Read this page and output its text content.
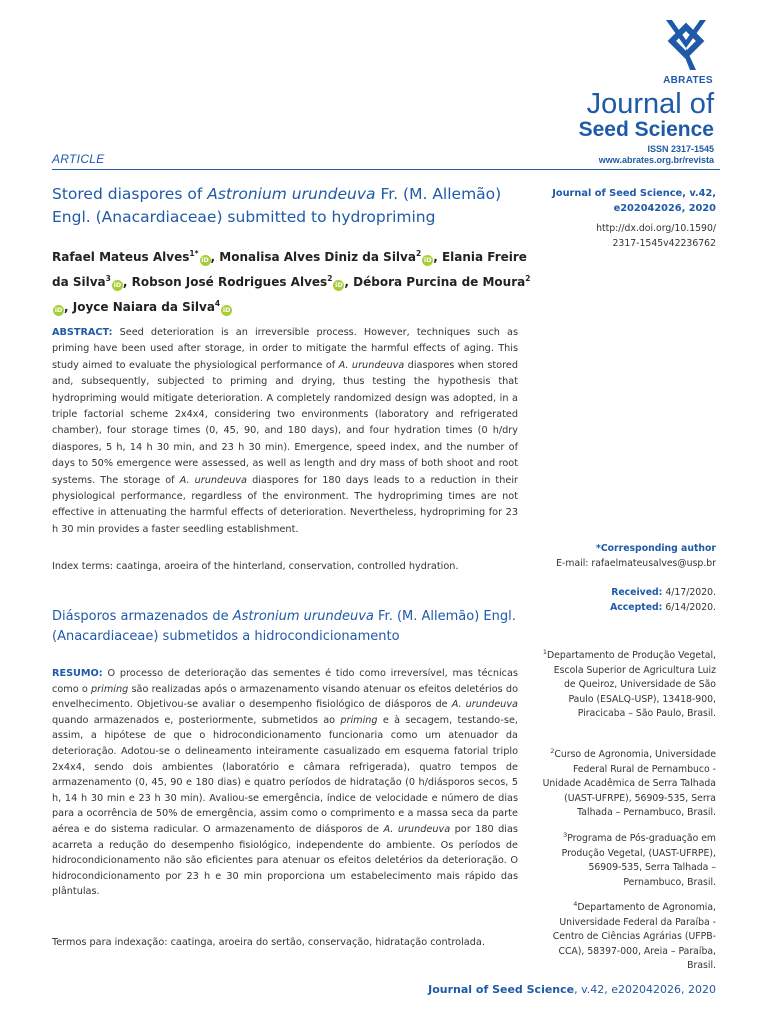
ABRATES
Journal of
Seed Science
ISSN 2317-1545
www.abrates.org.br/revista
ARTICLE
Stored diaspores of Astronium urundeuva Fr. (M. Allemão) Engl. (Anacardiaceae) submitted to hydropriming
Rafael Mateus Alves$^{1*}$iD , Monalisa Alves Diniz da Silva$^2$iD , Elania Freire da Silva$^3$iD , Robson José Rodrigues Alves$^2$iD , Débora Purcina de Moura$^2$iD , Joyce Naiara da Silva$^4$iD
ABSTRACT: Seed deterioration is an irreversible process. However, techniques such as priming have been used after storage, in order to mitigate the harmful effects of aging. This study aimed to evaluate the physiological performance of A. urundeuva diaspores when stored and, subsequently, subjected to priming and drying, thus testing the hypothesis that hydropriming would mitigate deterioration. A completely randomized design was adopted, in a triple factorial scheme 2x4x4, considering two environments (laboratory and refrigerated chamber), four storage times (0, 45, 90, and 180 days), and four hydration times (0 h/dry diaspores, 5 h, 14 h 30 min, and 23 h 30 min). Emergence, speed index, and the number of days to 50% emergence were assessed, as well as length and dry mass of both shoot and root systems. The storage of A. urundeuva diaspores for 180 days leads to a reduction in their physiological performance, regardless of the environment. The hydropriming times are not effective in attenuating the harmful effects of deterioration. Nevertheless, hydropriming for 23 h 30 min provides a faster seedling establishment.
Index terms: caatinga, aroeira of the hinterland, conservation, controlled hydration.
Diásporos armazenados de Astronium urundeuva Fr. (M. Allemão) Engl. (Anacardiaceae) submetidos a hidrocondicionamento
RESUMO: O processo de deterioração das sementes é tido como irreversível, mas técnicas como o priming são realizadas após o armazenamento visando atenuar os efeitos deletérios do envelhecimento. Objetivou-se avaliar o desempenho fisiológico de diásporos de A. urundeuva quando armazenados e, posteriormente, submetidos ao priming e à secagem, testando-se, assim, a hipótese de que o hidrocondicionamento funcionaria como um atenuador da deterioração. Adotou-se o delineamento inteiramente casualizado em esquema fatorial triplo 2x4x4, sendo dois ambientes (laboratório e câmara refrigerada), quatro tempos de armazenamento (0, 45, 90 e 180 dias) e quatro períodos de hidratação (0 h/diásporos secos, 5 h, 14 h 30 min e 23 h 30 min). Avaliou-se emergência, índice de velocidade e número de dias para a ocorrência de 50% de emergência, assim como o comprimento e a massa seca da parte aérea e do sistema radicular. O armazenamento de diásporos de A. urundeuva por 180 dias acarreta a redução do desempenho fisiológico, independente do ambiente. Os períodos de hidrocondicionamento não são eficientes para atenuar os efeitos deletérios da deterioração. O hidrocondicionamento por 23 h e 30 min proporciona um estabelecimento mais rápido das plântulas.
Termos para indexação: caatinga, aroeira do sertão, conservação, hidratação controlada.
Journal of Seed Science, v.42,
e202042026, 2020
http://dx.doi.org/10.1590/
2317-1545v42236762
*Corresponding author
E-mail: rafaelmateusalves@usp.br
Received: 4/17/2020.
Accepted: 6/14/2020.
$^1$Departamento de Produção Vegetal, Escola Superior de Agricultura Luiz de Queiroz, Universidade de São Paulo (ESALQ-USP), 13418-900, Piracicaba – São Paulo, Brasil.
$^2$Curso de Agronomia, Universidade Federal Rural de Pernambuco - Unidade Acadêmica de Serra Talhada (UAST-UFRPE), 56909-535, Serra Talhada – Pernambuco, Brasil.
$^3$Programa de Pós-graduação em Produção Vegetal, (UAST-UFRPE), 56909-535, Serra Talhada – Pernambuco, Brasil.
$^4$Departamento de Agronomia, Universidade Federal da Paraíba - Centro de Ciências Agrárias (UFPB-CCA), 58397-000, Areia – Paraíba, Brasil.
Journal of Seed Science, v.42, e202042026, 2020
